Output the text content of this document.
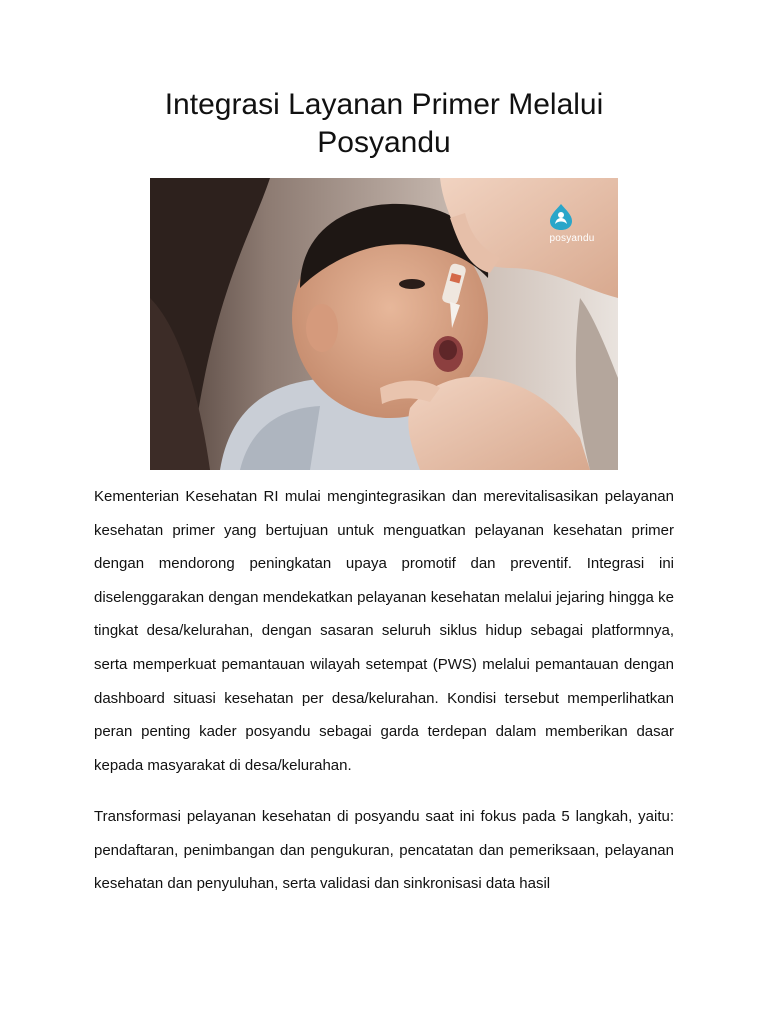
Integrasi Layanan Primer Melalui Posyandu
posyandu

Kementerian Kesehatan RI mulai mengintegrasikan dan merevitalisasikan pelayanan kesehatan primer yang bertujuan untuk menguatkan pelayanan kesehatan primer dengan mendorong peningkatan upaya promotif dan preventif. Integrasi ini diselenggarakan dengan mendekatkan pelayanan kesehatan melalui jejaring hingga ke tingkat desa/kelurahan, dengan sasaran seluruh siklus hidup sebagai platformnya, serta memperkuat pemantauan wilayah setempat (PWS) melalui pemantauan dengan dashboard situasi kesehatan per desa/kelurahan. Kondisi tersebut memperlihatkan peran penting kader posyandu sebagai garda terdepan dalam memberikan dasar kepada masyarakat di desa/kelurahan.

Transformasi pelayanan kesehatan di posyandu saat ini fokus pada 5 langkah, yaitu: pendaftaran, penimbangan dan pengukuran, pencatatan dan pemeriksaan, pelayanan kesehatan dan penyuluhan, serta validasi dan sinkronisasi data hasil
